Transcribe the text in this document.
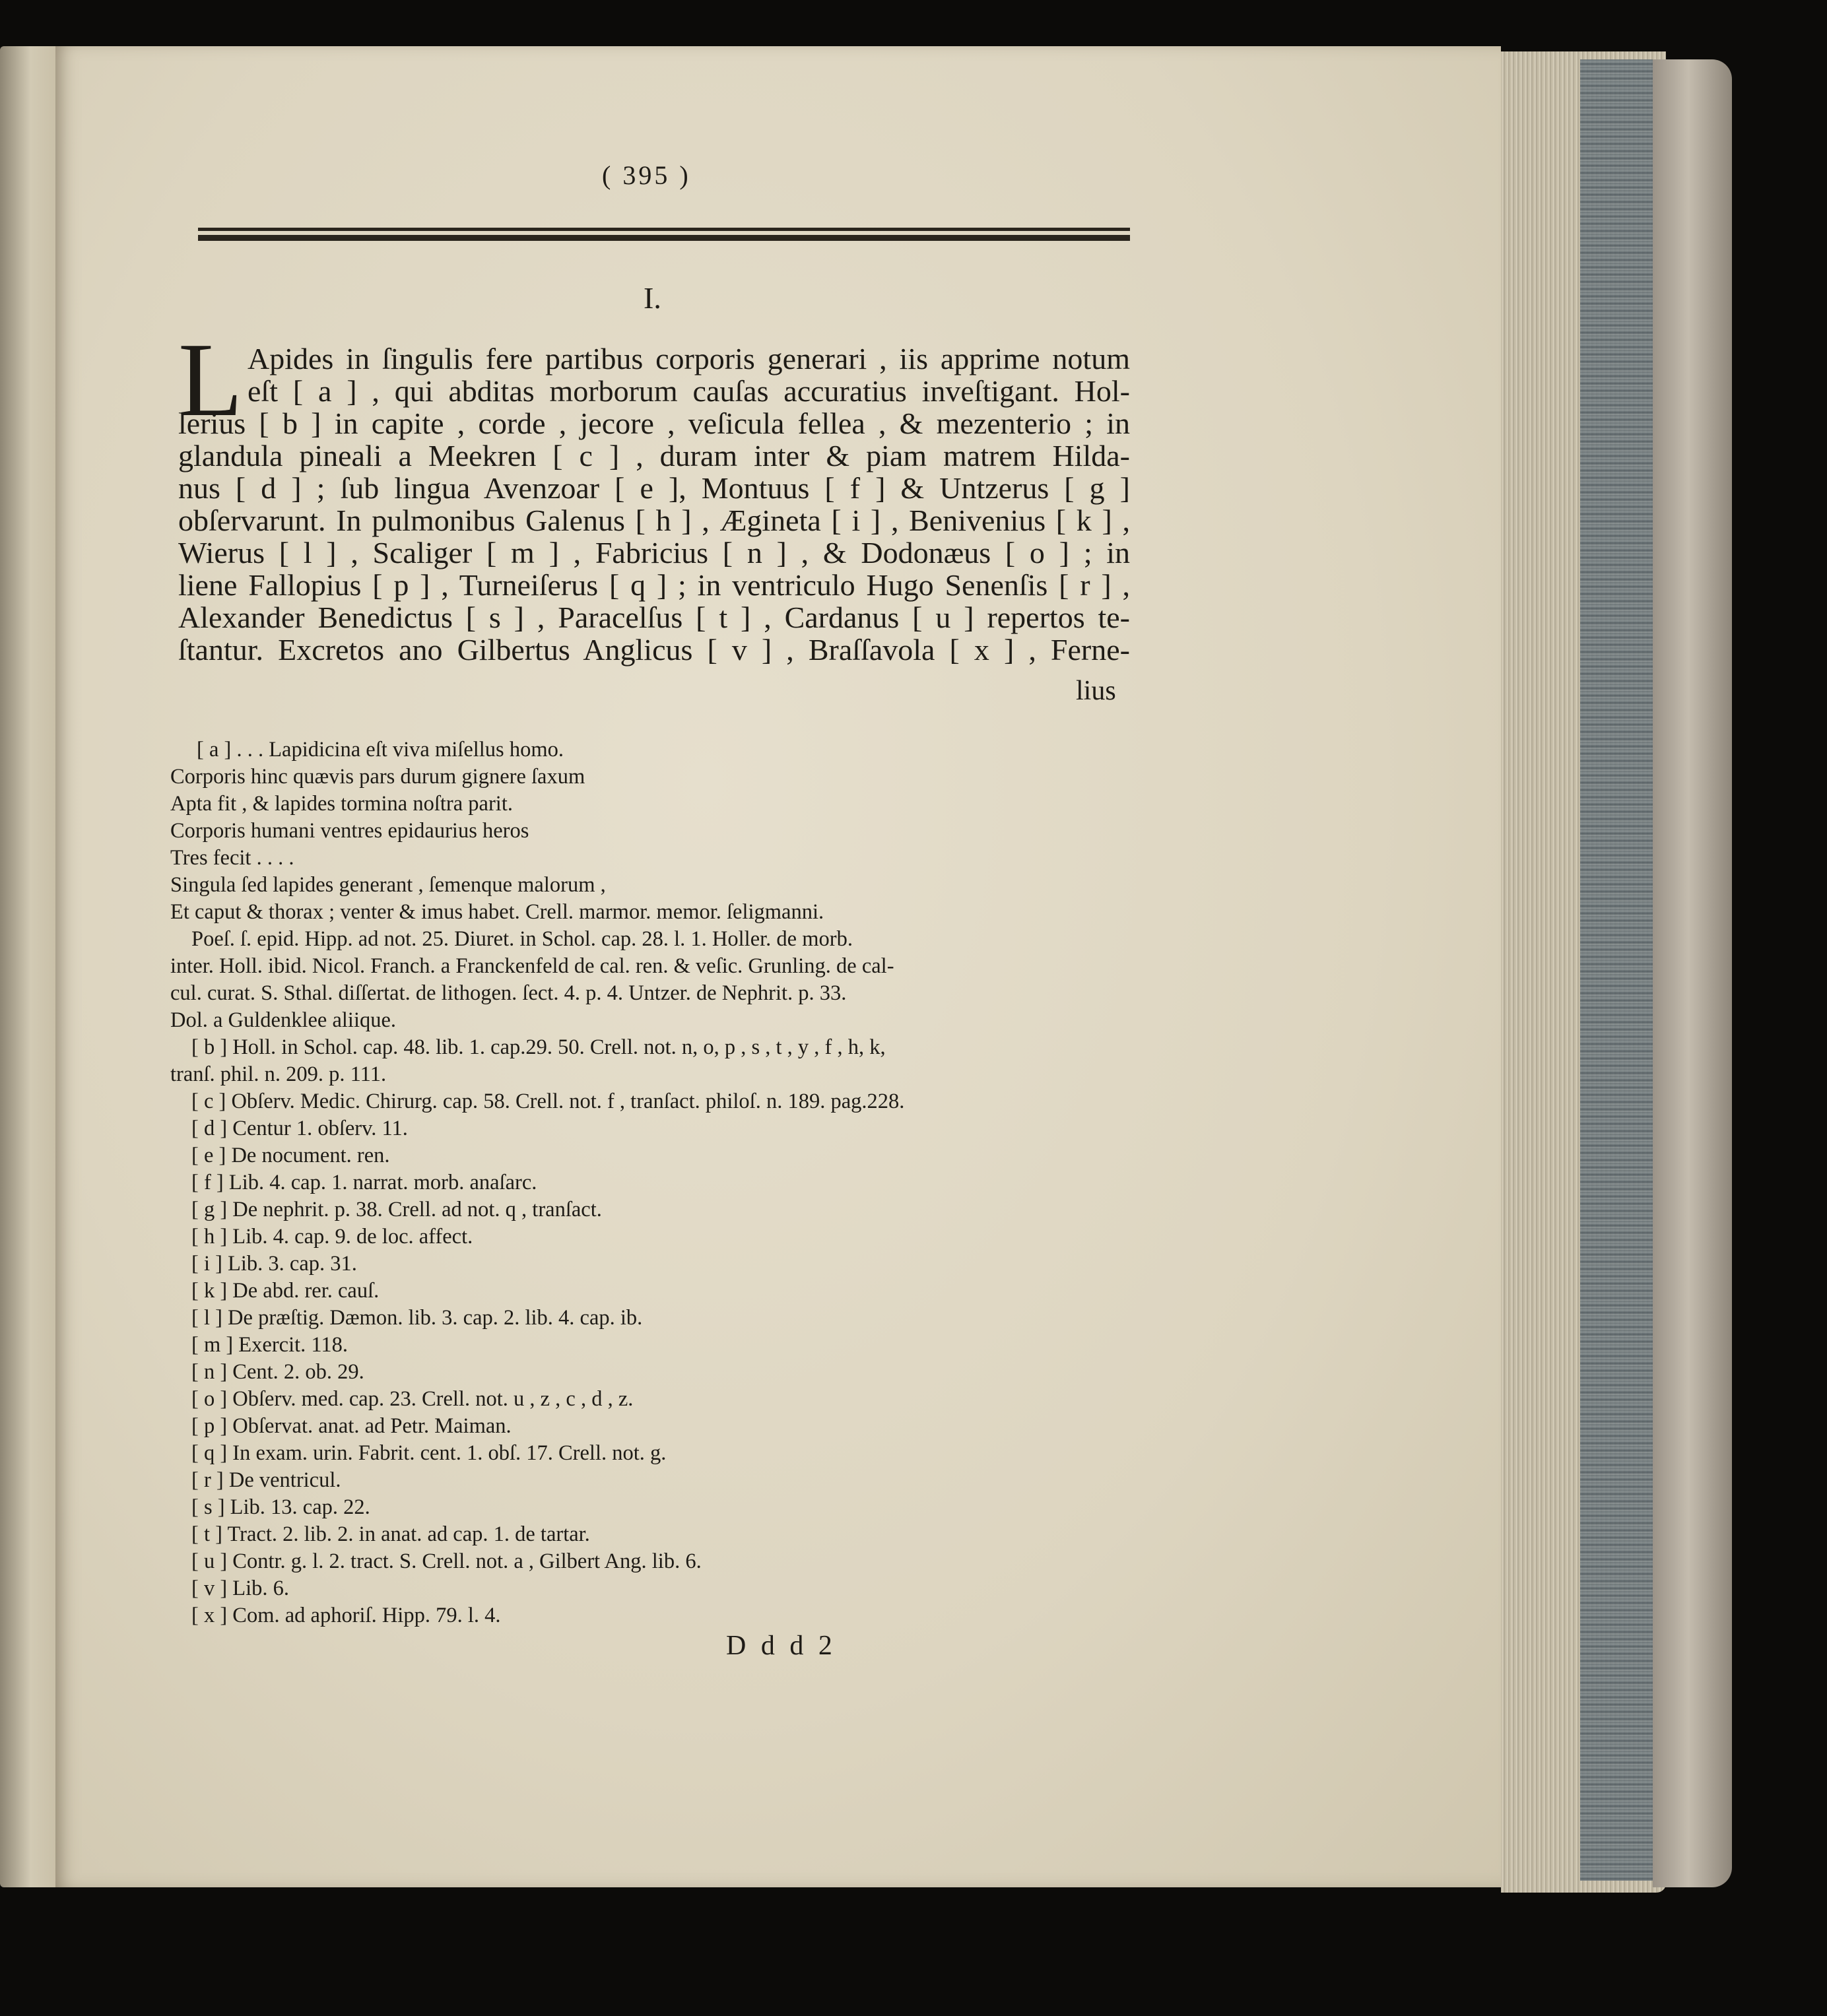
( 395 )

I.

L Apides in ſingulis fere partibus corporis generari , iis apprime notum
eſt [ a ] , qui abditas morborum cauſas accuratius inveſtigant. Hol-
lerius [ b ] in capite , corde , jecore , veſicula fellea , & mezenterio ; in
glandula pineali a Meekren [ c ] , duram inter & piam matrem Hilda-
nus [ d ] ; ſub lingua Avenzoar [ e ], Montuus [ f ] & Untzerus [ g ]
obſervarunt. In pulmonibus Galenus [ h ] , Ægineta [ i ] , Benivenius [ k ] ,
Wierus [ l ] , Scaliger [ m ] , Fabricius [ n ] , & Dodonæus [ o ] ; in
liene Fallopius [ p ] , Turneiſerus [ q ] ; in ventriculo Hugo Senenſis [ r ] ,
Alexander Benedictus [ s ] , Paracelſus [ t ] , Cardanus [ u ] repertos te-
ſtantur. Excretos ano Gilbertus Anglicus [ v ] , Braſſavola [ x ] , Ferne-

lius

[ a ] . . . Lapidicina eſt viva miſellus homo.
Corporis hinc quævis pars durum gignere ſaxum
Apta fit , & lapides tormina noſtra parit.
Corporis humani ventres epidaurius heros
Tres fecit . . . .
Singula ſed lapides generant , ſemenque malorum ,
Et caput & thorax ; venter & imus habet. Crell. marmor. memor. ſeligmanni.
Poeſ. ſ. epid. Hipp. ad not. 25. Diuret. in Schol. cap. 28. l. 1. Holler. de morb.
inter. Holl. ibid. Nicol. Franch. a Franckenfeld de cal. ren. & veſic. Grunling. de cal-
cul. curat. S. Sthal. diſſertat. de lithogen. ſect. 4. p. 4. Untzer. de Nephrit. p. 33.
Dol. a Guldenklee aliique.
[ b ] Holl. in Schol. cap. 48. lib. 1. cap.29. 50. Crell. not. n, o, p , s , t , y , f , h, k,
tranſ. phil. n. 209. p. 111.
[ c ] Obſerv. Medic. Chirurg. cap. 58. Crell. not. f , tranſact. philoſ. n. 189. pag.228.
[ d ] Centur 1. obſerv. 11.
[ e ] De nocument. ren.
[ f ] Lib. 4. cap. 1. narrat. morb. anaſarc.
[ g ] De nephrit. p. 38. Crell. ad not. q , tranſact.
[ h ] Lib. 4. cap. 9. de loc. affect.
[ i ] Lib. 3. cap. 31.
[ k ] De abd. rer. cauſ.
[ l ] De præſtig. Dæmon. lib. 3. cap. 2. lib. 4. cap. ib.
[ m ] Exercit. 118.
[ n ] Cent. 2. ob. 29.
[ o ] Obſerv. med. cap. 23. Crell. not. u , z , c , d , z.
[ p ] Obſervat. anat. ad Petr. Maiman.
[ q ] In exam. urin. Fabrit. cent. 1. obſ. 17. Crell. not. g.
[ r ] De ventricul.
[ s ] Lib. 13. cap. 22.
[ t ] Tract. 2. lib. 2. in anat. ad cap. 1. de tartar.
[ u ] Contr. g. l. 2. tract. S. Crell. not. a , Gilbert Ang. lib. 6.
[ v ] Lib. 6.
[ x ] Com. ad aphoriſ. Hipp. 79. l. 4.

D d d 2
